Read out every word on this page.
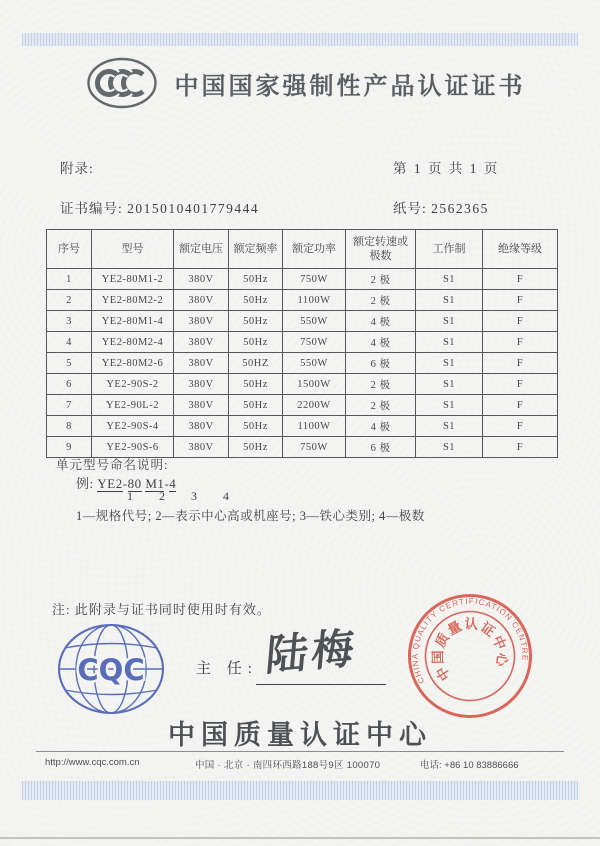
中国国家强制性产品认证证书
附录:	第 1 页 共 1 页
证书编号: 2015010401779444	纸号: 2562365
序号	型号	额定电压	额定频率	额定功率	额定转速或极数	工作制	绝缘等级
1	YE2-80M1-2	380V	50Hz	750W	2 极	S1	F
2	YE2-80M2-2	380V	50Hz	1100W	2 极	S1	F
3	YE2-80M1-4	380V	50Hz	550W	4 极	S1	F
4	YE2-80M2-4	380V	50Hz	750W	4 极	S1	F
5	YE2-80M2-6	380V	50HZ	550W	6 极	S1	F
6	YE2-90S-2	380V	50Hz	1500W	2 极	S1	F
7	YE2-90L-2	380V	50Hz	2200W	2 极	S1	F
8	YE2-90S-4	380V	50Hz	1100W	4 极	S1	F
9	YE2-90S-6	380V	50Hz	750W	6 极	S1	F
单元型号命名说明:
例: YE2-80 M1-4
1	2	3	4
1—规格代号; 2—表示中心高或机座号; 3—铁心类别; 4—极数
注: 此附录与证书同时使用时有效。
CQC	主 任: 陆梅	CHINA QUALITY CERTIFICATION CENTRE
中国质量认证中心
中国质量认证中心
http://www.cqc.com.cn	中国 · 北京 · 南四环西路188号9区 100070	电话: +86 10 83886666
